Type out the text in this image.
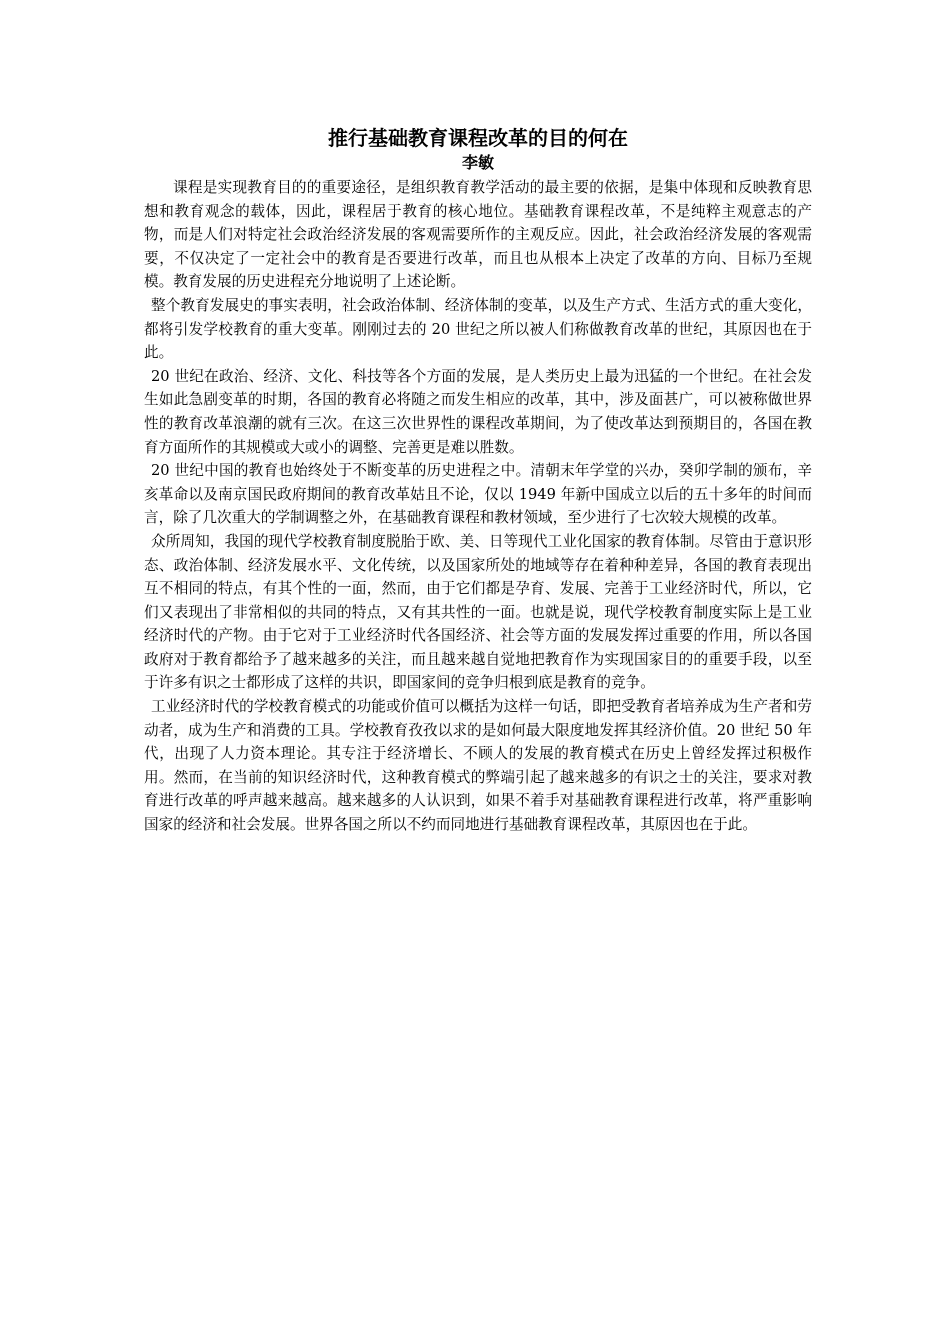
推行基础教育课程改革的目的何在
李敏

课程是实现教育目的的重要途径，是组织教育教学活动的最主要的依据，是集中体现和反映教育思想和教育观念的载体，因此，课程居于教育的核心地位。基础教育课程改革，不是纯粹主观意志的产物，而是人们对特定社会政治经济发展的客观需要所作的主观反应。因此，社会政治经济发展的客观需要，不仅决定了一定社会中的教育是否要进行改革，而且也从根本上决定了改革的方向、目标乃至规模。教育发展的历史进程充分地说明了上述论断。

整个教育发展史的事实表明，社会政治体制、经济体制的变革，以及生产方式、生活方式的重大变化，都将引发学校教育的重大变革。刚刚过去的 20 世纪之所以被人们称做教育改革的世纪，其原因也在于此。

20 世纪在政治、经济、文化、科技等各个方面的发展，是人类历史上最为迅猛的一个世纪。在社会发生如此急剧变革的时期，各国的教育必将随之而发生相应的改革，其中，涉及面甚广，可以被称做世界性的教育改革浪潮的就有三次。在这三次世界性的课程改革期间，为了使改革达到预期目的，各国在教育方面所作的其规模或大或小的调整、完善更是难以胜数。

20 世纪中国的教育也始终处于不断变革的历史进程之中。清朝末年学堂的兴办，癸卯学制的颁布，辛亥革命以及南京国民政府期间的教育改革姑且不论，仅以 1949 年新中国成立以后的五十多年的时间而言，除了几次重大的学制调整之外，在基础教育课程和教材领域，至少进行了七次较大规模的改革。

众所周知，我国的现代学校教育制度脱胎于欧、美、日等现代工业化国家的教育体制。尽管由于意识形态、政治体制、经济发展水平、文化传统，以及国家所处的地域等存在着种种差异，各国的教育表现出互不相同的特点，有其个性的一面，然而，由于它们都是孕育、发展、完善于工业经济时代，所以，它们又表现出了非常相似的共同的特点，又有其共性的一面。也就是说，现代学校教育制度实际上是工业经济时代的产物。由于它对于工业经济时代各国经济、社会等方面的发展发挥过重要的作用，所以各国政府对于教育都给予了越来越多的关注，而且越来越自觉地把教育作为实现国家目的的重要手段，以至于许多有识之士都形成了这样的共识，即国家间的竞争归根到底是教育的竞争。

工业经济时代的学校教育模式的功能或价值可以概括为这样一句话，即把受教育者培养成为生产者和劳动者，成为生产和消费的工具。学校教育孜孜以求的是如何最大限度地发挥其经济价值。20 世纪 50 年代，出现了人力资本理论。其专注于经济增长、不顾人的发展的教育模式在历史上曾经发挥过积极作用。然而，在当前的知识经济时代，这种教育模式的弊端引起了越来越多的有识之士的关注，要求对教育进行改革的呼声越来越高。越来越多的人认识到，如果不着手对基础教育课程进行改革，将严重影响国家的经济和社会发展。世界各国之所以不约而同地进行基础教育课程改革，其原因也在于此。
